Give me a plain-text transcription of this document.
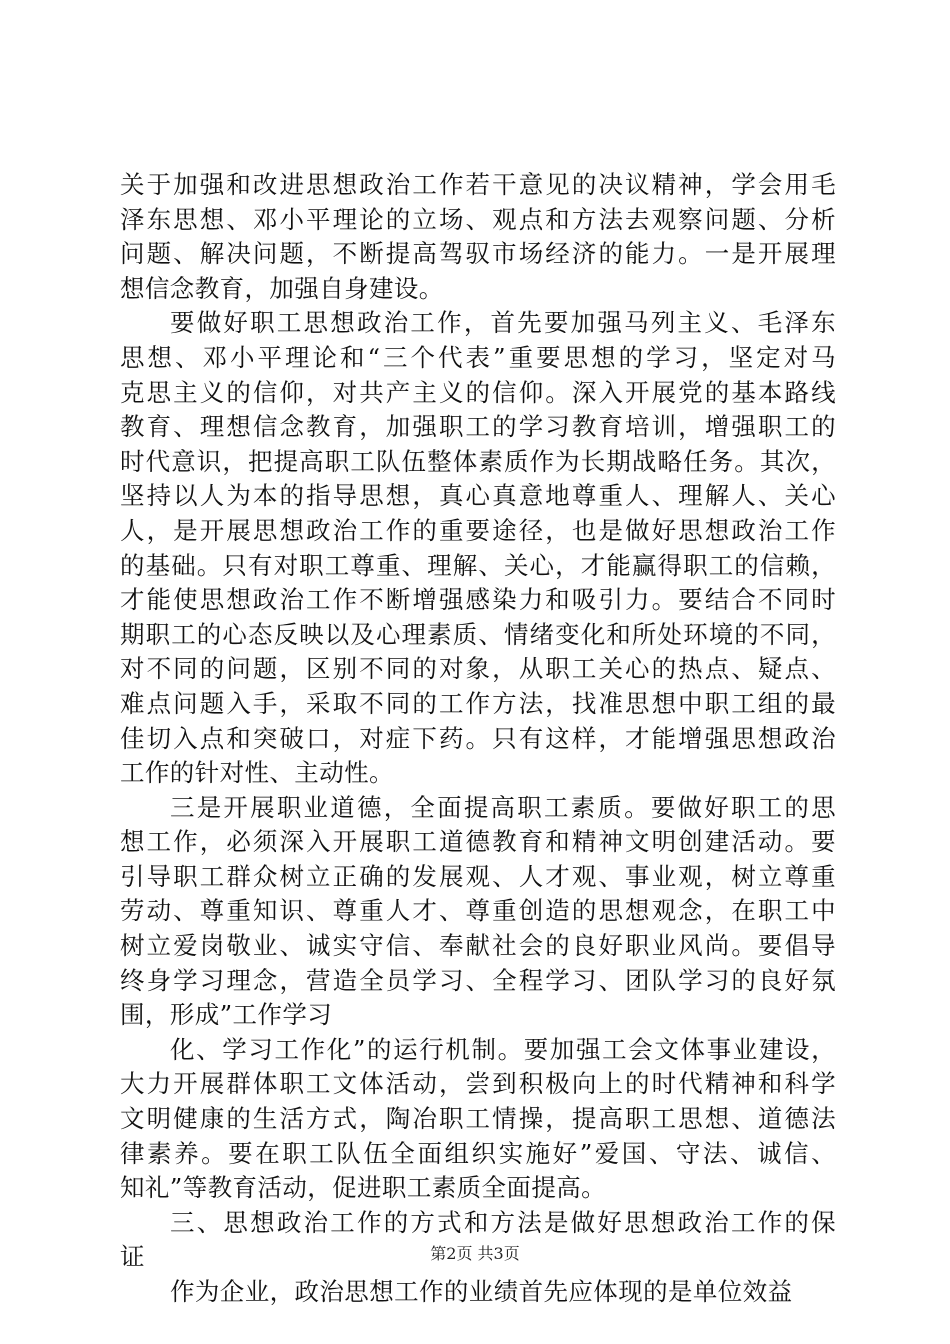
关于加强和改进思想政治工作若干意见的决议精神，学会用毛
泽东思想、邓小平理论的立场、观点和方法去观察问题、分析
问题、解决问题，不断提高驾驭市场经济的能力。一是开展理
想信念教育，加强自身建设。
要做好职工思想政治工作，首先要加强马列主义、毛泽东
思想、邓小平理论和“三个代表”重要思想的学习，坚定对马
克思主义的信仰，对共产主义的信仰。深入开展党的基本路线
教育、理想信念教育，加强职工的学习教育培训，增强职工的
时代意识，把提高职工队伍整体素质作为长期战略任务。其次，
坚持以人为本的指导思想，真心真意地尊重人、理解人、关心
人，是开展思想政治工作的重要途径，也是做好思想政治工作
的基础。只有对职工尊重、理解、关心，才能赢得职工的信赖，
才能使思想政治工作不断增强感染力和吸引力。要结合不同时
期职工的心态反映以及心理素质、情绪变化和所处环境的不同，
对不同的问题，区别不同的对象，从职工关心的热点、疑点、
难点问题入手，采取不同的工作方法，找准思想中职工组的最
佳切入点和突破口，对症下药。只有这样，才能增强思想政治
工作的针对性、主动性。
三是开展职业道德，全面提高职工素质。要做好职工的思
想工作，必须深入开展职工道德教育和精神文明创建活动。要
引导职工群众树立正确的发展观、人才观、事业观，树立尊重
劳动、尊重知识、尊重人才、尊重创造的思想观念，在职工中
树立爱岗敬业、诚实守信、奉献社会的良好职业风尚。要倡导
终身学习理念，营造全员学习、全程学习、团队学习的良好氛
围，形成”工作学习
化、学习工作化”的运行机制。要加强工会文体事业建设，
大力开展群体职工文体活动，尝到积极向上的时代精神和科学
文明健康的生活方式，陶冶职工情操，提高职工思想、道德法
律素养。要在职工队伍全面组织实施好”爱国、守法、诚信、
知礼”等教育活动，促进职工素质全面提高。
三、思想政治工作的方式和方法是做好思想政治工作的保
证
作为企业，政治思想工作的业绩首先应体现的是单位效益
第2页 共3页
